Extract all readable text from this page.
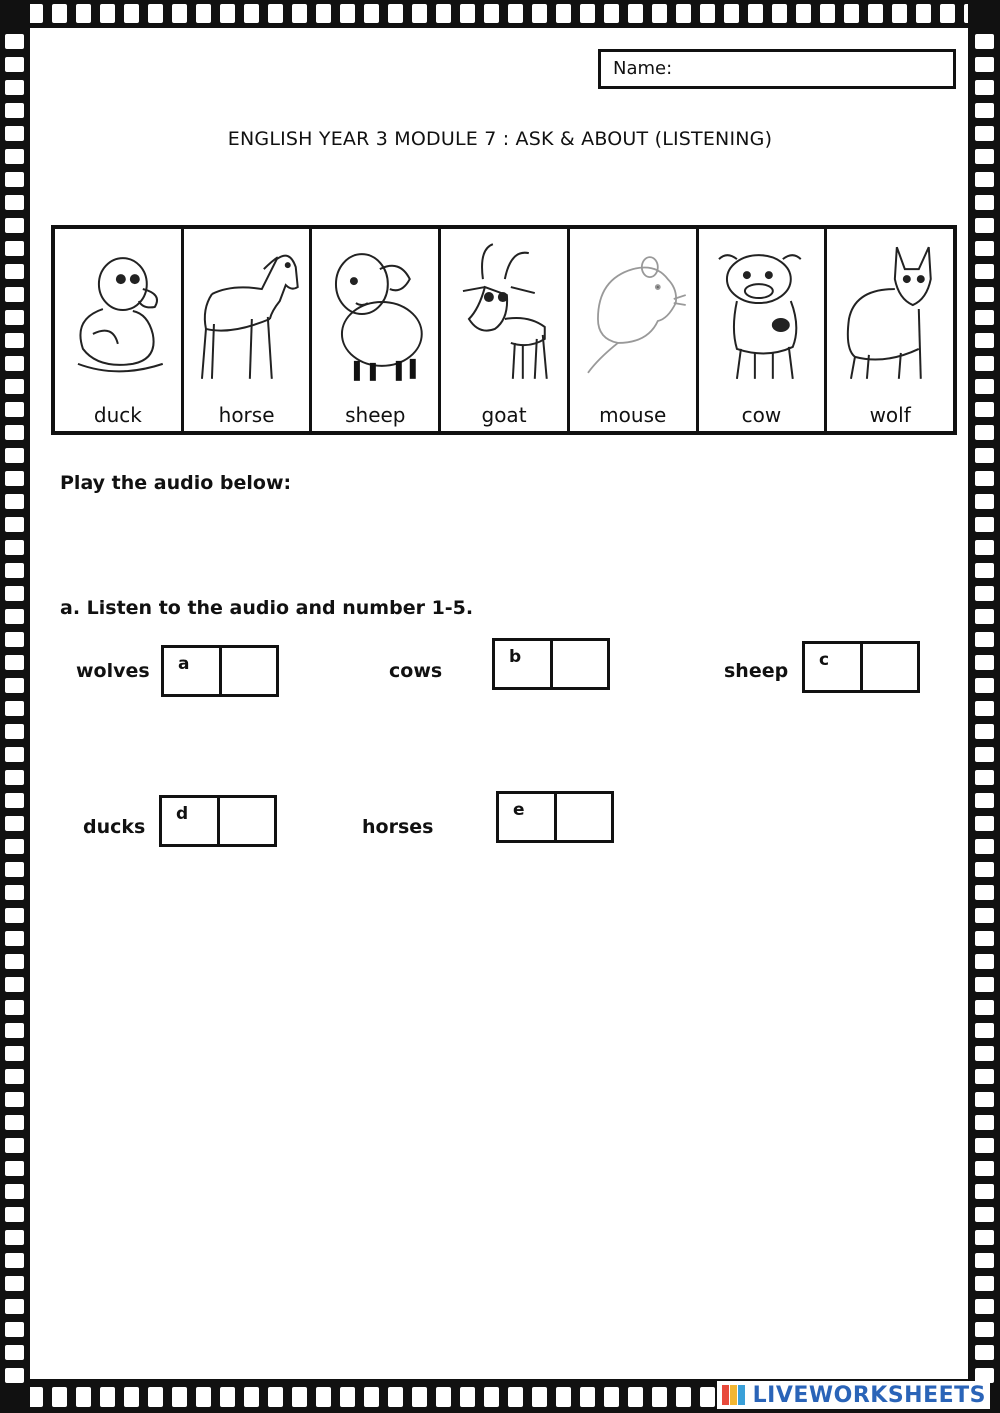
Name:
ENGLISH YEAR 3 MODULE 7 : ASK & ABOUT (LISTENING)
duck	horse	sheep	goat	mouse	cow	wolf
Play the audio below:
a. Listen to the audio and number 1-5.
wolves	a	cows
b
sheep	c
ducks
d
horses
e
LIVEWORKSHEETS
